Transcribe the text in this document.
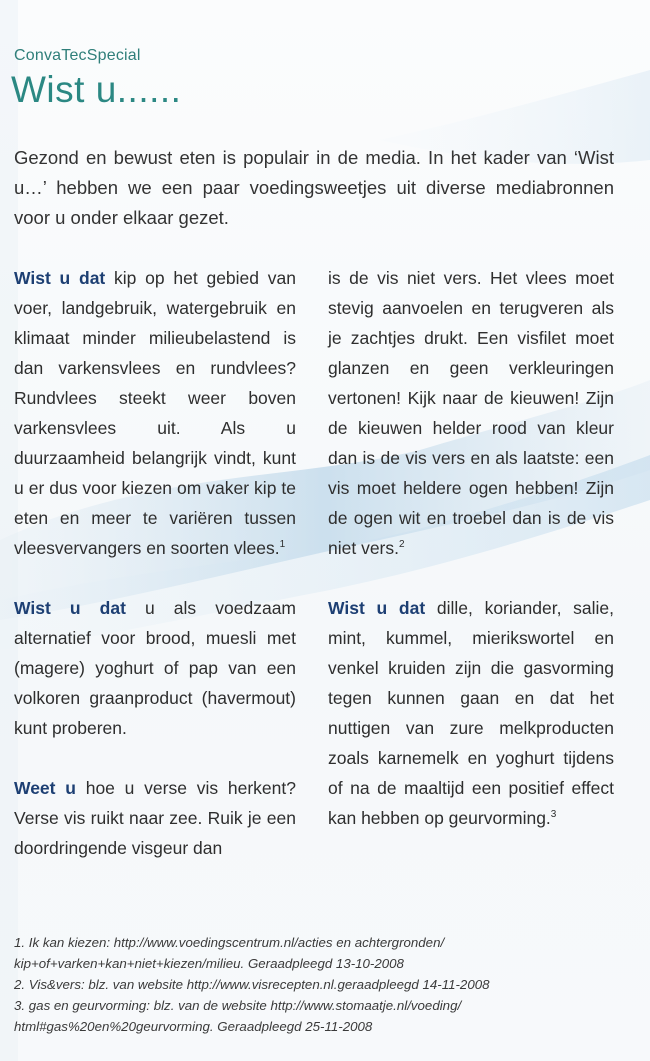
ConvaTecSpecial
Wist u......
Gezond en bewust eten is populair in de media. In het kader van ‘Wist u…’ hebben we een paar voedingsweetjes uit diverse mediabronnen voor u onder elkaar gezet.

Wist u dat kip op het gebied van voer, landgebruik, watergebruik en klimaat minder milieubelastend is dan varkensvlees en rundvlees? Rundvlees steekt weer boven varkensvlees uit. Als u duurzaamheid belangrijk vindt, kunt u er dus voor kiezen om vaker kip te eten en meer te variëren tussen vleesvervangers en soorten vlees.$^1$

Wist u dat u als voedzaam alternatief voor brood, muesli met (magere) yoghurt of pap van een volkoren graanproduct (havermout) kunt proberen.

Weet u hoe u verse vis herkent? Verse vis ruikt naar zee. Ruik je een doordringende visgeur dan

is de vis niet vers. Het vlees moet stevig aanvoelen en terugveren als je zachtjes drukt. Een visfilet moet glanzen en geen verkleuringen vertonen! Kijk naar de kieuwen! Zijn de kieuwen helder rood van kleur dan is de vis vers en als laatste: een vis moet heldere ogen hebben! Zijn de ogen wit en troebel dan is de vis niet vers.$^2$

Wist u dat dille, koriander, salie, mint, kummel, mierikswortel en venkel kruiden zijn die gasvorming tegen kunnen gaan en dat het nuttigen van zure melkproducten zoals karnemelk en yoghurt tijdens of na de maaltijd een positief effect kan hebben op geurvorming.$^3$

1. Ik kan kiezen: http://www.voedingscentrum.nl/acties en achtergronden/

kip+of+varken+kan+niet+kiezen/milieu. Geraadpleegd 13-10-2008

2. Vis&vers: blz. van website http://www.visrecepten.nl.geraadpleegd 14-11-2008

3. gas en geurvorming: blz. van de website http://www.stomaatje.nl/voeding/

html#gas%20en%20geurvorming. Geraadpleegd 25-11-2008
